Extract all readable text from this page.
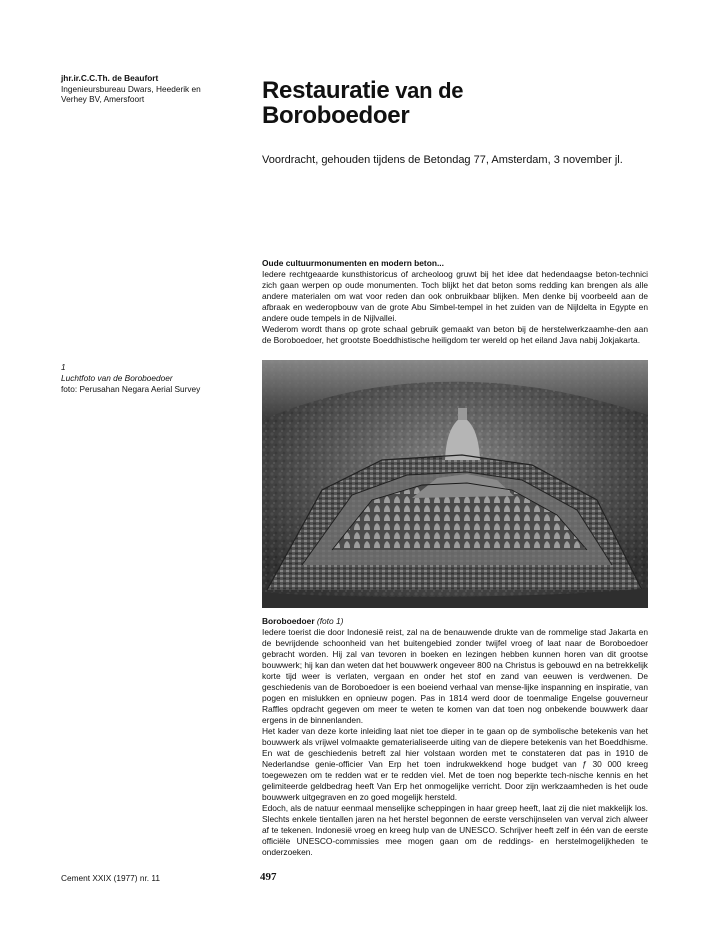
jhr.ir.C.C.Th. de Beaufort
Ingenieursbureau Dwars, Heederik en
Verhey BV, Amersfoort	Restauratie van de
Boroboedoer
Voordracht, gehouden tijdens de Betondag 77, Amsterdam, 3 november jl.

Oude cultuurmonumenten en modern beton...

Iedere rechtgeaarde kunsthistoricus of archeoloog gruwt bij het idee dat hedendaagse beton-technici zich gaan werpen op oude monumenten. Toch blijkt het dat beton soms redding kan brengen als alle andere materialen om wat voor reden dan ook onbruikbaar blijken. Men denke bij voorbeeld aan de afbraak en wederopbouw van de grote Abu Simbel-tempel in het zuiden van de Nijldelta in Egypte en andere oude tempels in de Nijlvallei.

Wederom wordt thans op grote schaal gebruik gemaakt van beton bij de herstelwerkzaamhe-den aan de Boroboedoer, het grootste Boeddhistische heiligdom ter wereld op het eiland Java nabij Jokjakarta.

1
Luchtfoto van de Boroboedoer
foto: Perusahan Negara Aerial Survey

Boroboedoer (foto 1)

Iedere toerist die door Indonesië reist, zal na de benauwende drukte van de rommelige stad Jakarta en de bevrijdende schoonheid van het buitengebied zonder twijfel vroeg of laat naar de Boroboedoer gebracht worden. Hij zal van tevoren in boeken en lezingen hebben kunnen horen van dit grootse bouwwerk; hij kan dan weten dat het bouwwerk ongeveer 800 na Christus is gebouwd en na betrekkelijk korte tijd weer is verlaten, vergaan en onder het stof en zand van eeuwen is verdwenen. De geschiedenis van de Boroboedoer is een boeiend verhaal van mense-lijke inspanning en inspiratie, van pogen en mislukken en opnieuw pogen. Pas in 1814 werd door de toenmalige Engelse gouverneur Raffles opdracht gegeven om meer te weten te komen van dat toen nog onbekende bouwwerk daar ergens in de binnenlanden.

Het kader van deze korte inleiding laat niet toe dieper in te gaan op de symbolische betekenis van het bouwwerk als vrijwel volmaakte gematerialiseerde uiting van de diepere betekenis van het Boeddhisme. En wat de geschiedenis betreft zal hier volstaan worden met te constateren dat pas in 1910 de Nederlandse genie-officier Van Erp het toen indrukwekkend hoge budget van ƒ 30 000 kreeg toegewezen om te redden wat er te redden viel. Met de toen nog beperkte tech-nische kennis en het gelimiteerde geldbedrag heeft Van Erp het onmogelijke verricht. Door zijn werkzaamheden is het oude bouwwerk uitgegraven en zo goed mogelijk hersteld.

Edoch, als de natuur eenmaal menselijke scheppingen in haar greep heeft, laat zij die niet makkelijk los. Slechts enkele tientallen jaren na het herstel begonnen de eerste verschijnselen van verval zich alweer af te tekenen. Indonesië vroeg en kreeg hulp van de UNESCO. Schrijver heeft zelf in één van de eerste officiële UNESCO-commissies mee mogen gaan om de reddings- en herstelmogelijkheden te onderzoeken.

Cement XXIX (1977) nr. 11	497
